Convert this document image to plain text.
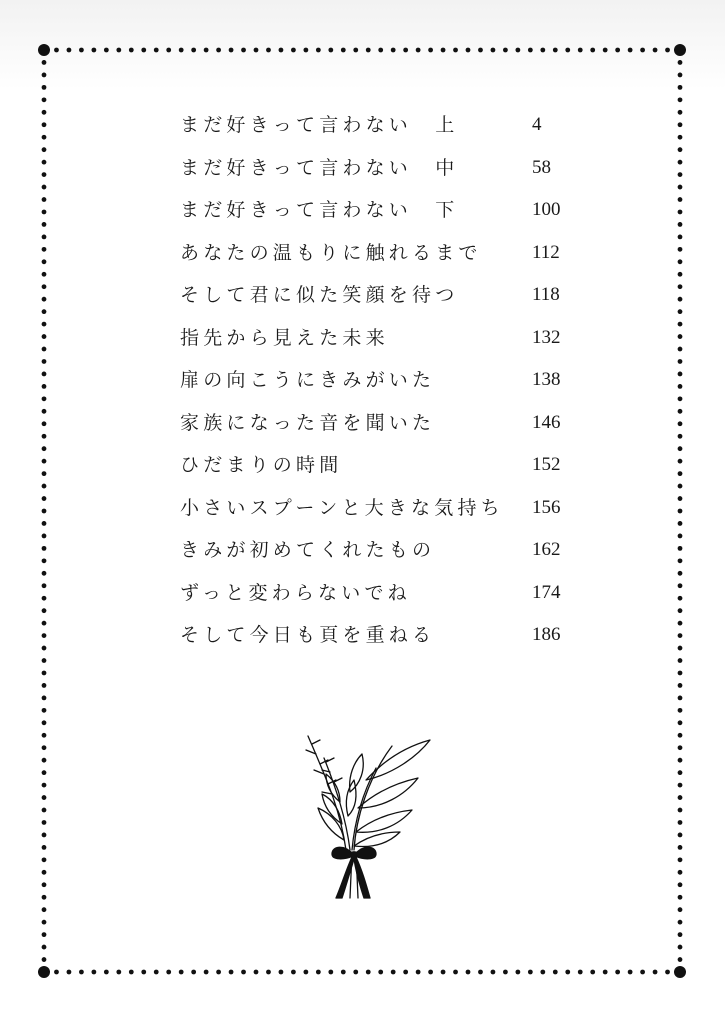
まだ好きって言わない　上	4
まだ好きって言わない　中	58
まだ好きって言わない　下	100
あなたの温もりに触れるまで	112
そして君に似た笑顔を待つ	118
指先から見えた未来	132
扉の向こうにきみがいた	138
家族になった音を聞いた	146
ひだまりの時間	152
小さいスプーンと大きな気持ち 156
きみが初めてくれたもの	162
ずっと変わらないでね	174
そして今日も頁を重ねる	186
